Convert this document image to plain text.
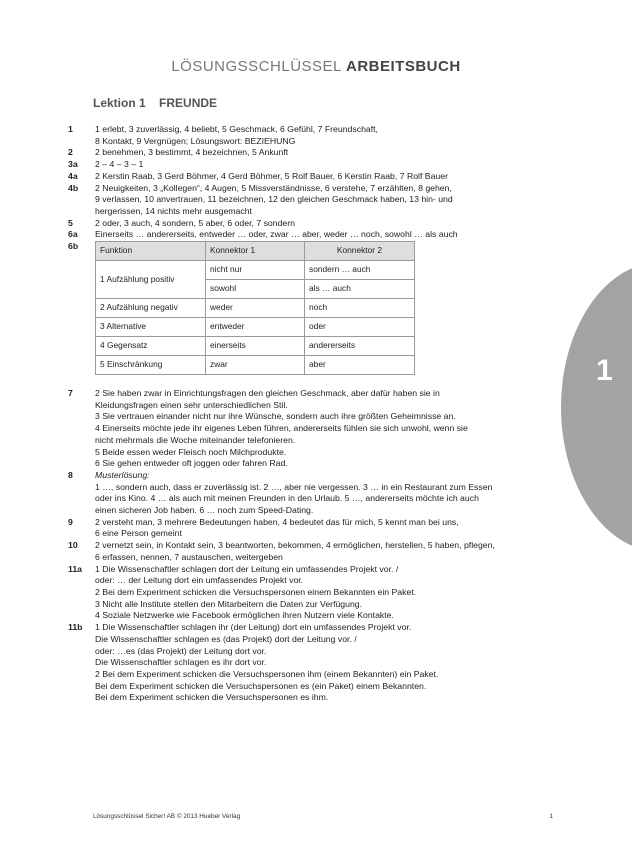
LÖSUNGSSCHLÜSSEL ARBEITSBUCH
Lektion 1 FREUNDE
1
1	1 erlebt, 3 zuverlässig, 4 beliebt, 5 Geschmack, 6 Gefühl, 7 Freundschaft,
8 Kontakt, 9 Vergnügen; Lösungswort: BEZIEHUNG
2	2 benehmen, 3 bestimmt, 4 bezeichnen, 5 Ankunft
3a	2 – 4 – 3 – 1
4a	2 Kerstin Raab, 3 Gerd Böhmer, 4 Gerd Böhmer, 5 Rolf Bauer, 6 Kerstin Raab, 7 Rolf Bauer
4b	2 Neuigkeiten, 3 „Kollegen“, 4 Augen, 5 Missverständnisse, 6 verstehe, 7 erzählten, 8 gehen,
9 verlassen, 10 anvertrauen, 11 bezeichnen, 12 den gleichen Geschmack haben, 13 hin- und
hergerissen, 14 nichts mehr ausgemacht
5	2 oder, 3 auch, 4 sondern, 5 aber, 6 oder, 7 sondern
6a	Einerseits … andererseits, entweder … oder, zwar … aber, weder … noch, sowohl … als auch
6b	Funktion	Konnektor 1	Konnektor 2
1 Aufzählung positiv	nicht nur	sondern … auch
	sowohl	als … auch
2 Aufzählung negativ	weder	noch
3 Alternative	entweder	oder
4 Gegensatz	einerseits	andererseits
5 Einschränkung	zwar	aber
7	2 Sie haben zwar in Einrichtungsfragen den gleichen Geschmack, aber dafür haben sie in
Kleidungsfragen einen sehr unterschiedlichen Stil.
3 Sie vertrauen einander nicht nur ihre Wünsche, sondern auch ihre größten Geheimnisse an.
4 Einerseits möchte jede ihr eigenes Leben führen, andererseits fühlen sie sich unwohl, wenn sie
nicht mehrmals die Woche miteinander telefonieren.
5 Beide essen weder Fleisch noch Milchprodukte.
6 Sie gehen entweder oft joggen oder fahren Rad.
8	Musterlösung:
1 …, sondern auch, dass er zuverlässig ist. 2 …, aber nie vergessen. 3 … in ein Restaurant zum Essen
oder ins Kino. 4 … als auch mit meinen Freunden in den Urlaub. 5 …, andererseits möchte ich auch
einen sicheren Job haben. 6 … noch zum Speed-Dating.
9	2 versteht man, 3 mehrere Bedeutungen haben, 4 bedeutet das für mich, 5 kennt man bei uns,
6 eine Person gemeint
10	2 vernetzt sein, in Kontakt sein, 3 beantworten, bekommen, 4 ermöglichen, herstellen, 5 haben, pflegen,
6 erfassen, nennen, 7 austauschen, weitergeben
11a	1 Die Wissenschaftler schlagen dort der Leitung ein umfassendes Projekt vor. /
oder: … der Leitung dort ein umfassendes Projekt vor.
2 Bei dem Experiment schicken die Versuchspersonen einem Bekannten ein Paket.
3 Nicht alle Institute stellen den Mitarbeitern die Daten zur Verfügung.
4 Soziale Netzwerke wie Facebook ermöglichen ihren Nutzern viele Kontakte.
11b	1 Die Wissenschaftler schlagen ihr (der Leitung) dort ein umfassendes Projekt vor.
Die Wissenschaftler schlagen es (das Projekt) dort der Leitung vor. /
oder: …es (das Projekt) der Leitung dort vor.
Die Wissenschaftler schlagen es ihr dort vor.
2 Bei dem Experiment schicken die Versuchspersonen ihm (einem Bekannten) ein Paket.
Bei dem Experiment schicken die Versuchspersonen es (ein Paket) einem Bekannten.
Bei dem Experiment schicken die Versuchspersonen es ihm.
Lösungsschlüssel Sicher! AB © 2013 Hueber Verlag	1
